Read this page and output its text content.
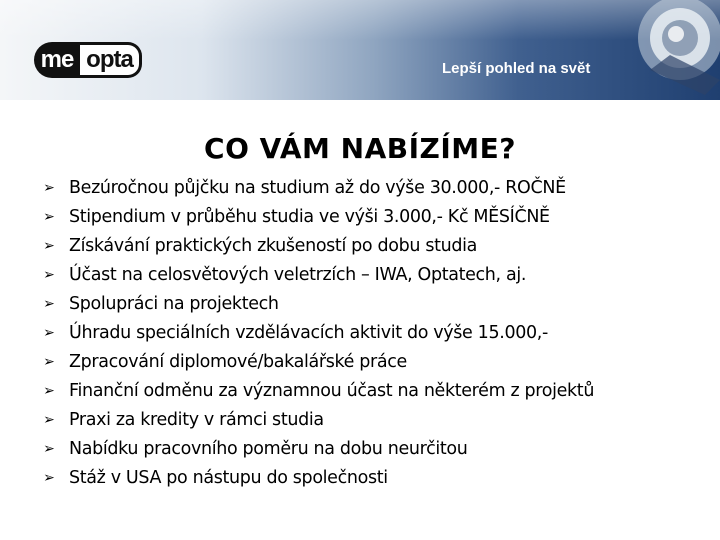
me opta	Lepší pohled na svět
CO VÁM NABÍZÍME?
➢ Bezúročnou půjčku na studium až do výše 30.000,- ROČNĚ
➢ Stipendium v průběhu studia ve výši 3.000,- Kč MĚSÍČNĚ
➢ Získávání praktických zkušeností po dobu studia
➢ Účast na celosvětových veletrzích – IWA, Optatech, aj.
➢ Spolupráci na projektech
➢ Úhradu speciálních vzdělávacích aktivit do výše 15.000,-
➢ Zpracování diplomové/bakalářské práce
➢ Finanční odměnu za významnou účast na některém z projektů
➢ Praxi za kredity v rámci studia
➢ Nabídku pracovního poměru na dobu neurčitou
➢ Stáž v USA po nástupu do společnosti
